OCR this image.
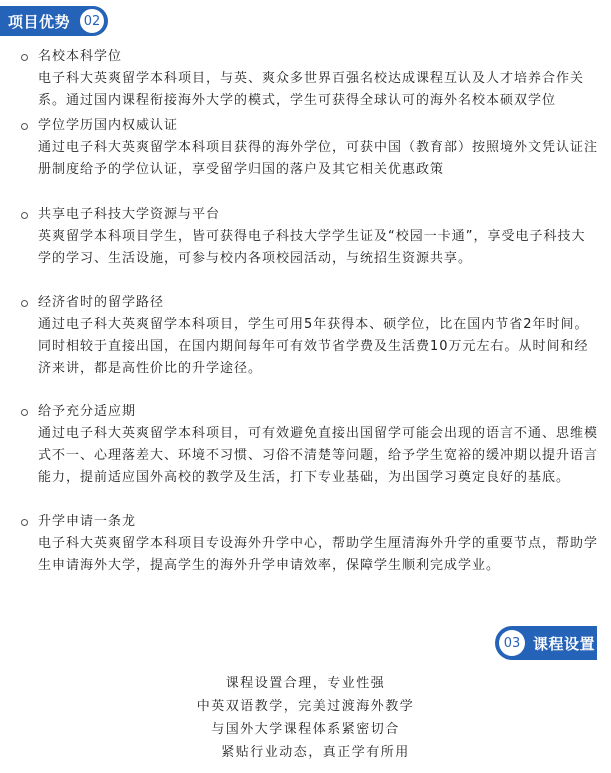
项目优势 02
名校本科学位
电子科大英爽留学本科项目，与英、爽众多世界百强名校达成课程互认及人才培养合作关系。通过国内课程衔接海外大学的模式，学生可获得全球认可的海外名校本硕双学位
学位学历国内权威认证
通过电子科大英爽留学本科项目获得的海外学位，可获中国（教育部）按照境外文凭认证注册制度给予的学位认证，享受留学归国的落户及其它相关优惠政策
共享电子科技大学资源与平台
英爽留学本科项目学生，皆可获得电子科技大学学生证及“校园一卡通”，享受电子科技大学的学习、生活设施，可参与校内各项校园活动，与统招生资源共享。
经济省时的留学路径
通过电子科大英爽留学本科项目，学生可用5年获得本、硕学位，比在国内节省2年时间。同时相较于直接出国，在国内期间每年可有效节省学费及生活费10万元左右。从时间和经济来讲，都是高性价比的升学途径。
给予充分适应期
通过电子科大英爽留学本科项目，可有效避免直接出国留学可能会出现的语言不通、思维模式不一、心理落差大、环境不习惯、习俗不清楚等问题，给予学生宽裕的缓冲期以提升语言能力，提前适应国外高校的教学及生活，打下专业基础，为出国学习奠定良好的基底。
升学申请一条龙
电子科大英爽留学本科项目专设海外升学中心，帮助学生厘清海外升学的重要节点，帮助学生申请海外大学，提高学生的海外升学申请效率，保障学生顺利完成学业。
03 课程设置
课程设置合理，专业性强
中英双语教学，完美过渡海外教学
与国外大学课程体系紧密切合
紧贴行业动态，真正学有所用
